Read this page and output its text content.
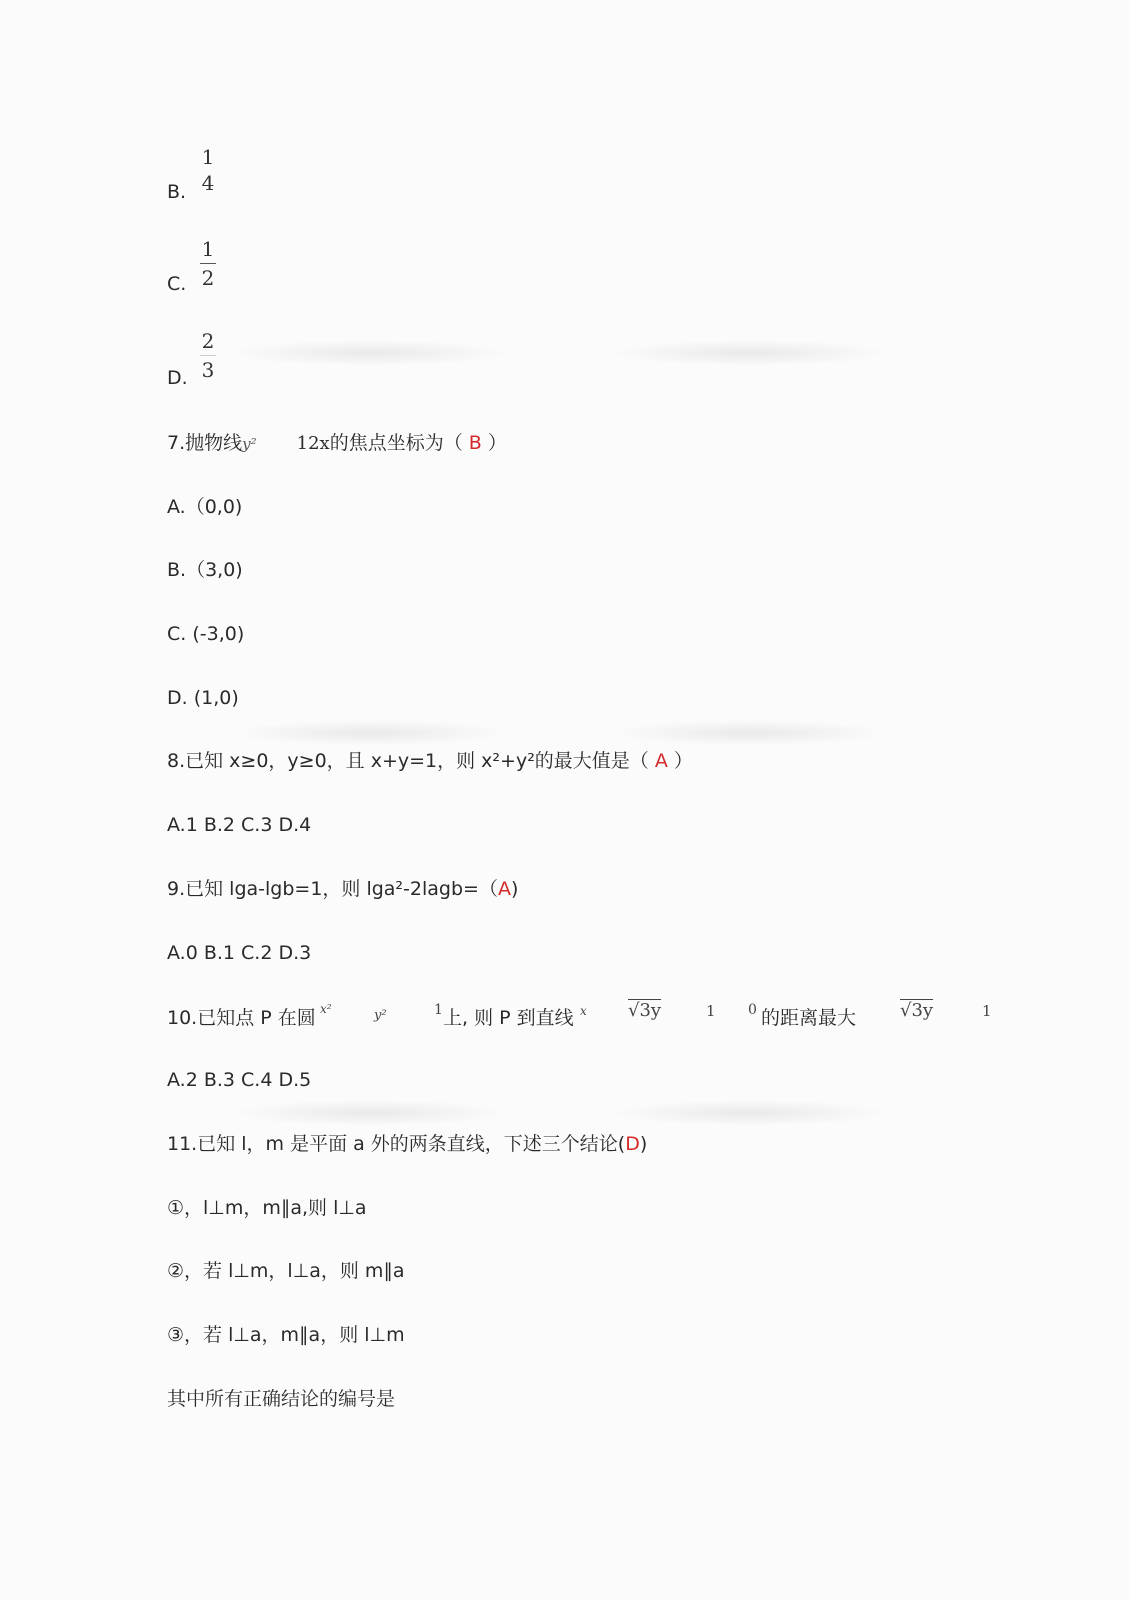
B.
1
4
C.
1
2
D.
2
3
7.抛物线y² 12x的焦点坐标为（ B ）
A.（0,0)
B.（3,0)
C. (-3,0)
D. (1,0)
8.已知 x≥0，y≥0，且 x+y=1，则 x²+y²的最大值是（ A ）
A.1 B.2 C.3 D.4
9.已知 lga-lgb=1，则 lga²-2lagb=（A)
A.0 B.1 C.2 D.3
10.已知点 P 在圆 x²	y²	1 上, 则 P 到直线 x √3y	1 0 的距离最大 √3y	1
A.2 B.3 C.4 D.5
11.已知 l，m 是平面 a 外的两条直线，下述三个结论(D)
①，l⊥m，m∥a,则 l⊥a
②，若 l⊥m，l⊥a，则 m∥a
③，若 l⊥a，m∥a，则 l⊥m
其中所有正确结论的编号是
